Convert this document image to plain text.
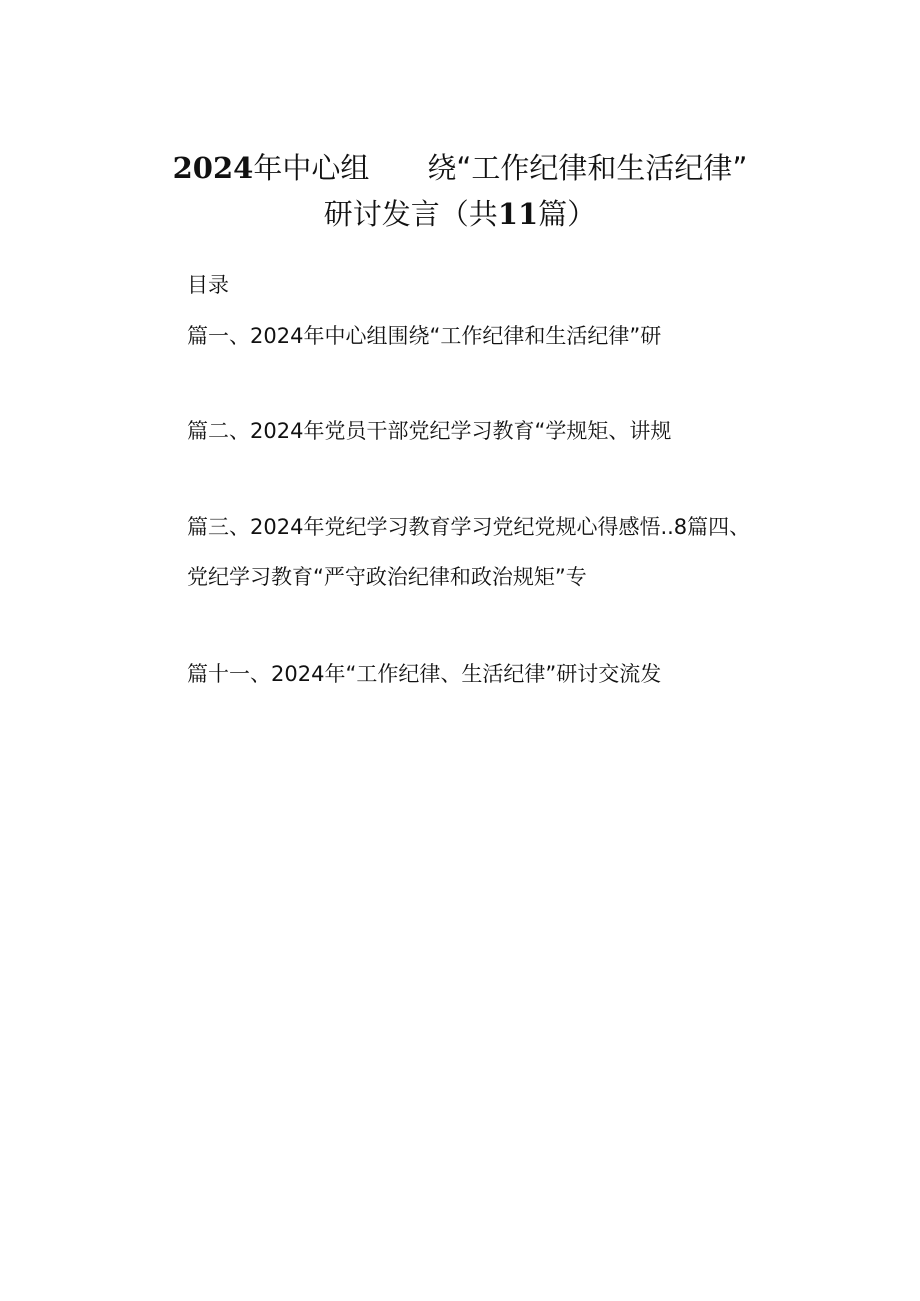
2024年中心组 绕“工作纪律和生活纪律”
研讨发言（共11篇）
目录
篇一、2024年中心组围绕“工作纪律和生活纪律”研
篇二、2024年党员干部党纪学习教育“学规矩、讲规
篇三、2024年党纪学习教育学习党纪党规心得感悟..8篇四、
党纪学习教育“严守政治纪律和政治规矩”专
篇十一、2024年“工作纪律、生活纪律”研讨交流发
